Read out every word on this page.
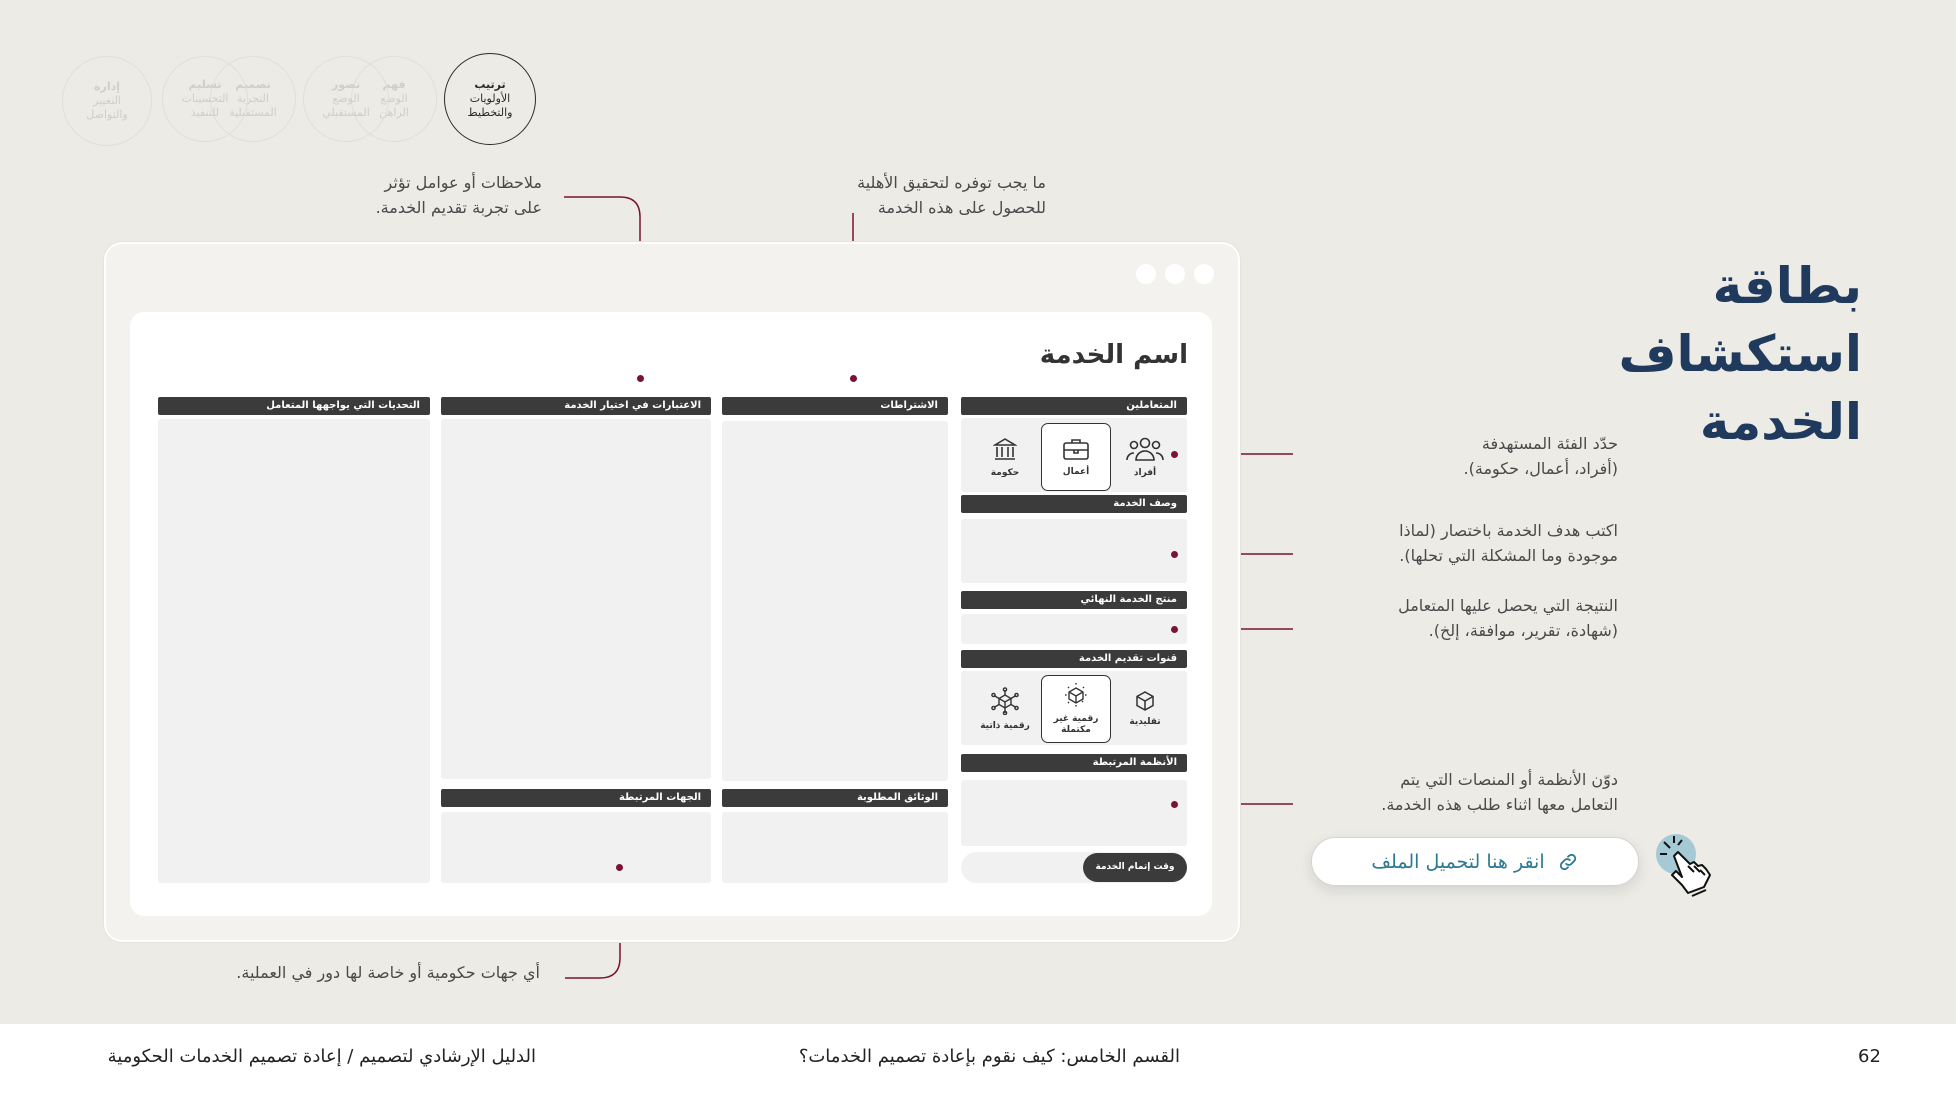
ترتيب
الأولويات
والتخطيط
فهم
الوضع
الراهن
تصور
الوضع
المستقبلي
تصميم
التجربة
المستقبلية
تسليم
التحسينات
للتنفيذ
إدارة
التغيير
والتواصل
بطاقة
استكشاف
الخدمة
ملاحظات أو عوامل تؤثر
على تجربة تقديم الخدمة.
ما يجب توفره لتحقيق الأهلية
للحصول على هذه الخدمة
حدّد الفئة المستهدفة
(أفراد، أعمال، حكومة).
اكتب هدف الخدمة باختصار (لماذا
موجودة وما المشكلة التي تحلها).
النتيجة التي يحصل عليها المتعامل
(شهادة، تقرير، موافقة، إلخ).
دوّن الأنظمة أو المنصات التي يتم
التعامل معها اثناء طلب هذه الخدمة.
أي جهات حكومية أو خاصة لها دور في العملية.
اسم الخدمة
المتعاملين
أفراد
أعمال
حكومة
وصف الخدمة
منتج الخدمة النهائي
قنوات تقديم الخدمة
تقليدية
رقمية غير مكتملة
رقمية ذاتية
الأنظمة المرتبطة
وقت إتمام الخدمة
الاشتراطات
الوثائق المطلوبة
الاعتبارات في اختيار الخدمة
الجهات المرتبطة
التحديات التي يواجهها المتعامل
انقر هنا لتحميل الملف
62
القسم الخامس: كيف نقوم بإعادة تصميم الخدمات؟
الدليل الإرشادي لتصميم / إعادة تصميم الخدمات الحكومية
